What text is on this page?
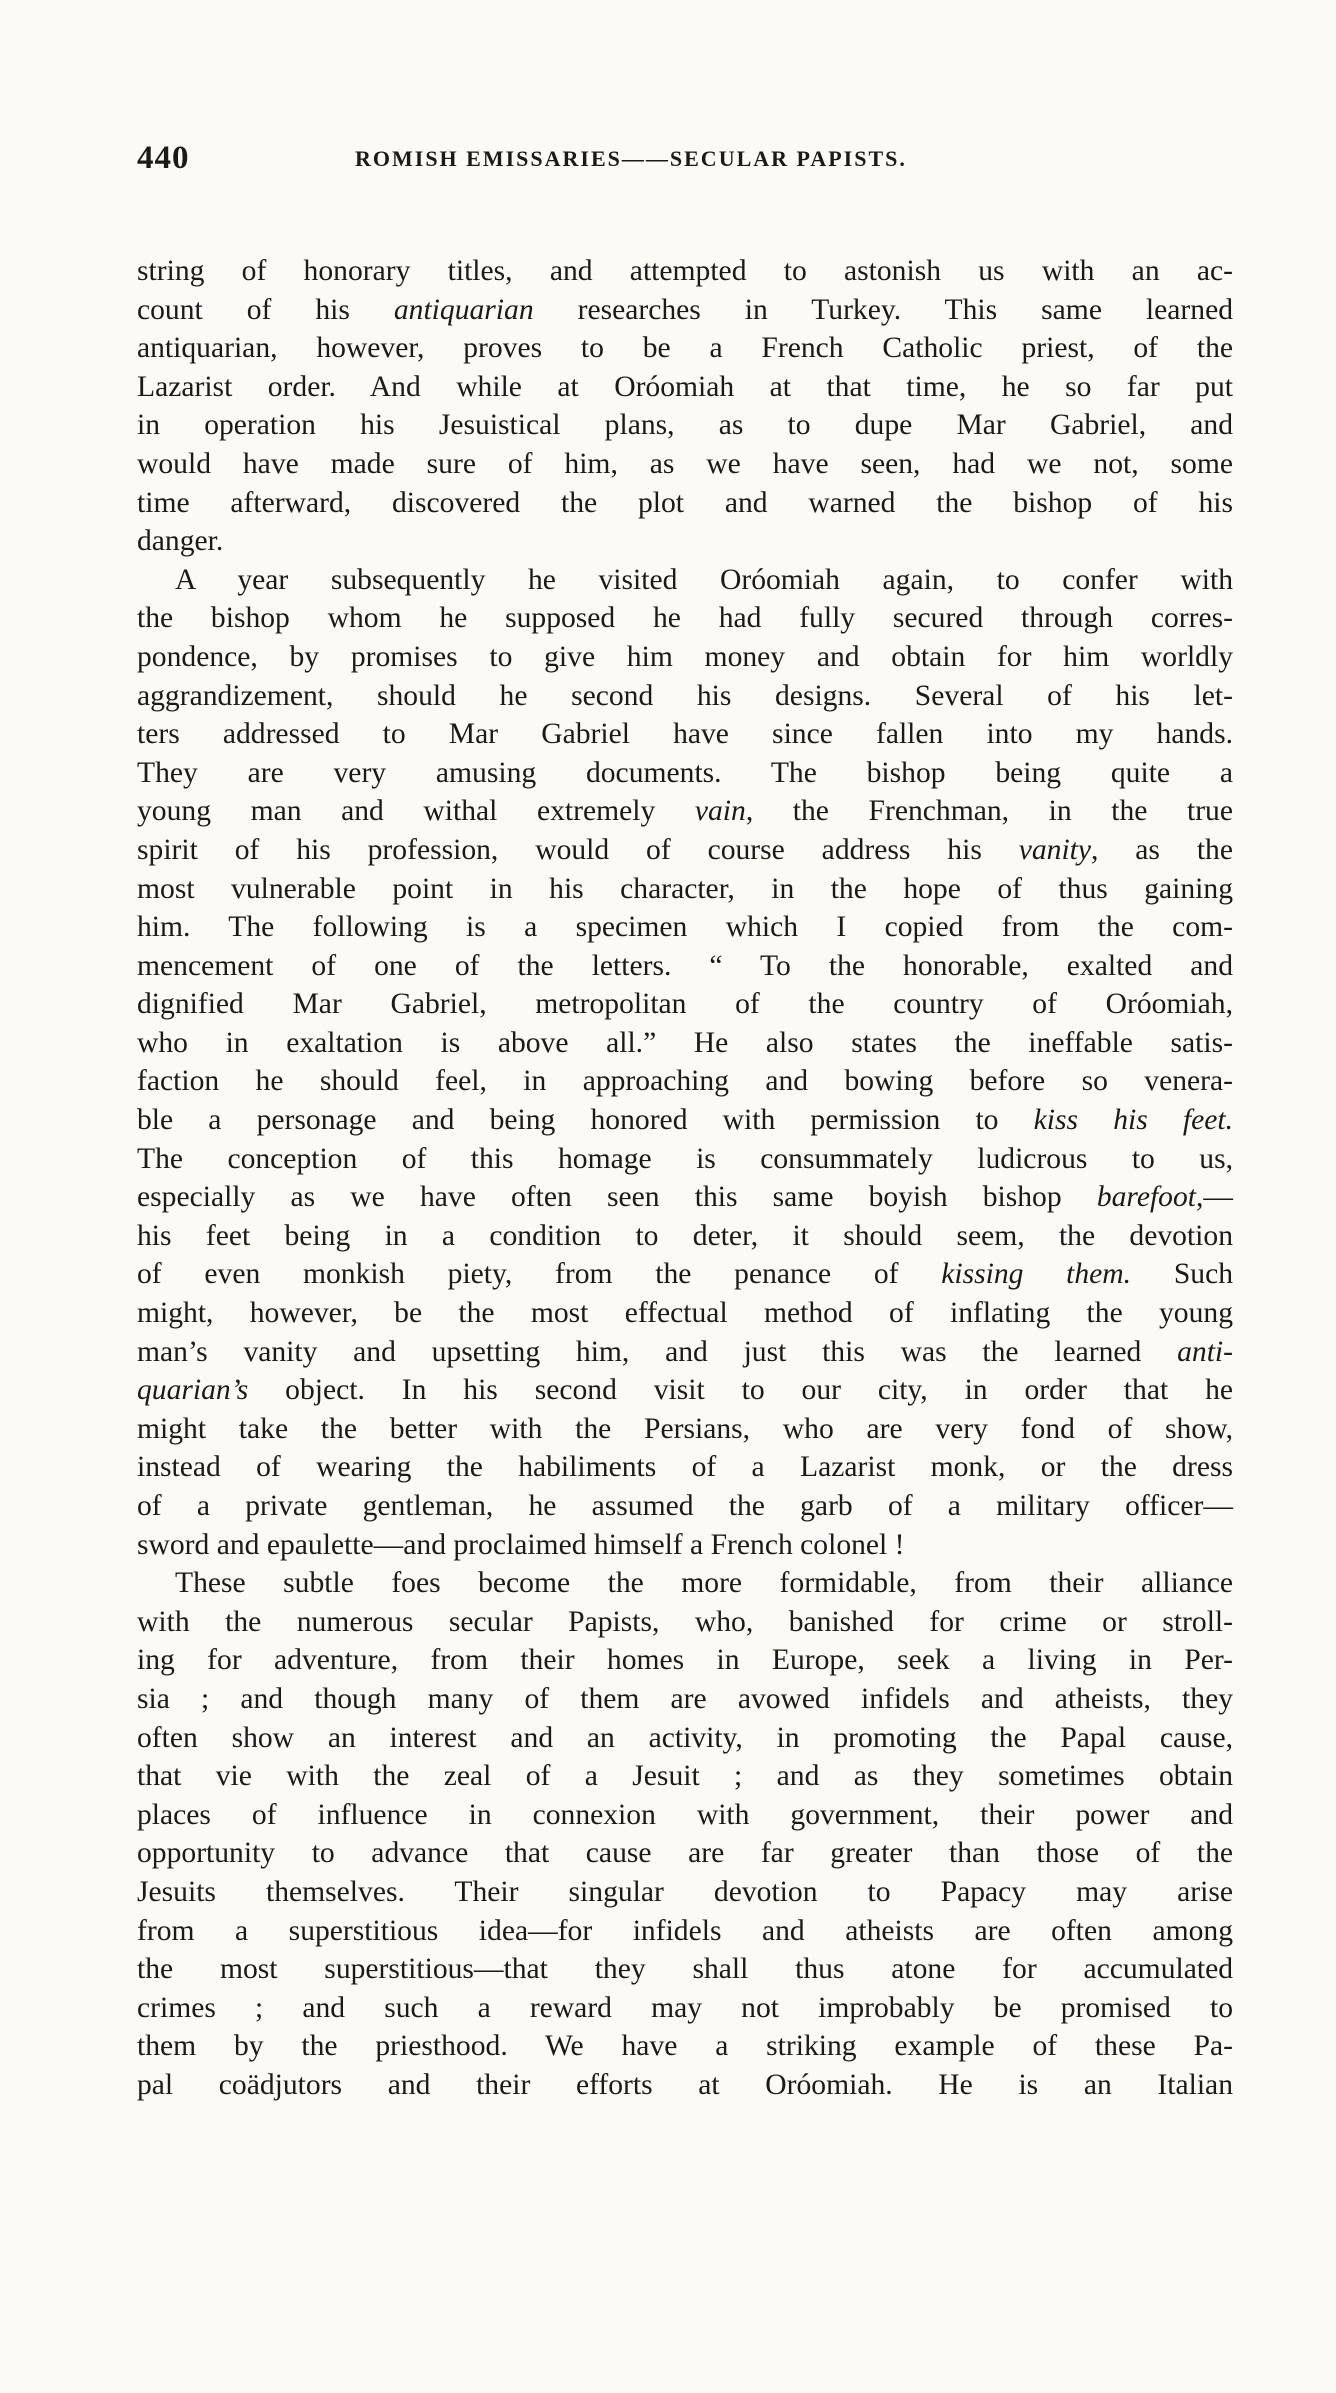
440	ROMISH EMISSARIES——SECULAR PAPISTS.
string of honorary titles, and attempted to astonish us with an ac-
count of his antiquarian researches in Turkey. This same learned
antiquarian, however, proves to be a French Catholic priest, of the
Lazarist order. And while at Oróomiah at that time, he so far put
in operation his Jesuistical plans, as to dupe Mar Gabriel, and
would have made sure of him, as we have seen, had we not, some
time afterward, discovered the plot and warned the bishop of his
danger.
A year subsequently he visited Oróomiah again, to confer with
the bishop whom he supposed he had fully secured through corres-
pondence, by promises to give him money and obtain for him worldly
aggrandizement, should he second his designs. Several of his let-
ters addressed to Mar Gabriel have since fallen into my hands.
They are very amusing documents. The bishop being quite a
young man and withal extremely vain, the Frenchman, in the true
spirit of his profession, would of course address his vanity, as the
most vulnerable point in his character, in the hope of thus gaining
him. The following is a specimen which I copied from the com-
mencement of one of the letters. “ To the honorable, exalted and
dignified Mar Gabriel, metropolitan of the country of Oróomiah,
who in exaltation is above all.” He also states the ineffable satis-
faction he should feel, in approaching and bowing before so venera-
ble a personage and being honored with permission to kiss his feet.
The conception of this homage is consummately ludicrous to us,
especially as we have often seen this same boyish bishop barefoot,—
his feet being in a condition to deter, it should seem, the devotion
of even monkish piety, from the penance of kissing them. Such
might, however, be the most effectual method of inflating the young
man’s vanity and upsetting him, and just this was the learned anti-
quarian’s object. In his second visit to our city, in order that he
might take the better with the Persians, who are very fond of show,
instead of wearing the habiliments of a Lazarist monk, or the dress
of a private gentleman, he assumed the garb of a military officer—
sword and epaulette—and proclaimed himself a French colonel !
These subtle foes become the more formidable, from their alliance
with the numerous secular Papists, who, banished for crime or stroll-
ing for adventure, from their homes in Europe, seek a living in Per-
sia ; and though many of them are avowed infidels and atheists, they
often show an interest and an activity, in promoting the Papal cause,
that vie with the zeal of a Jesuit ; and as they sometimes obtain
places of influence in connexion with government, their power and
opportunity to advance that cause are far greater than those of the
Jesuits themselves. Their singular devotion to Papacy may arise
from a superstitious idea—for infidels and atheists are often among
the most superstitious—that they shall thus atone for accumulated
crimes ; and such a reward may not improbably be promised to
them by the priesthood. We have a striking example of these Pa-
pal coädjutors and their efforts at Oróomiah. He is an Italian
